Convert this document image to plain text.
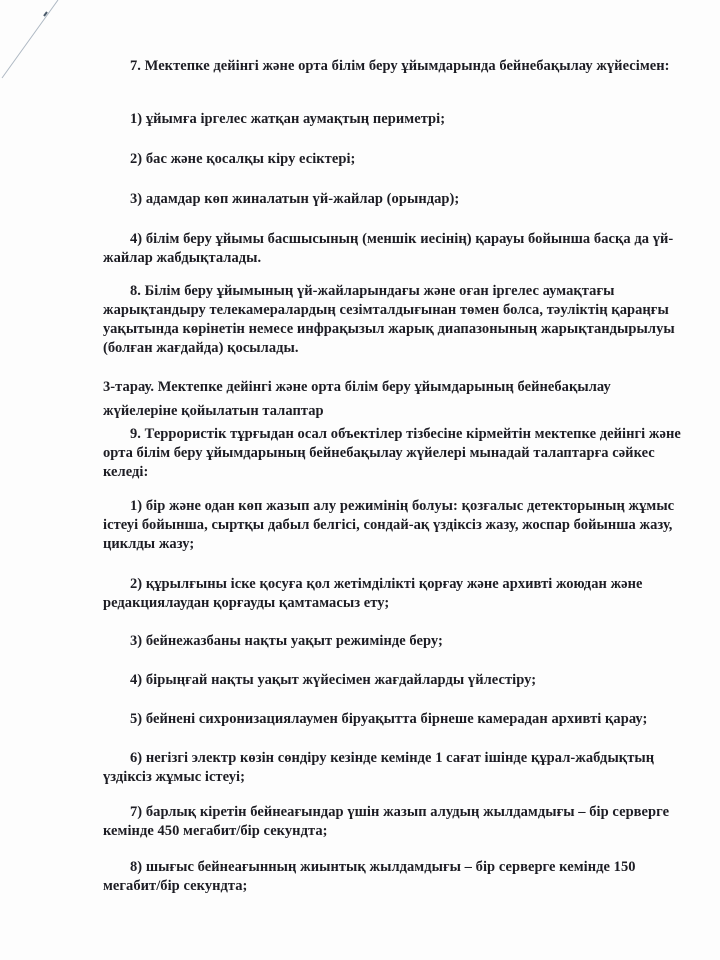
7. Мектепке дейінгі және орта білім беру ұйымдарында бейнебақылау жүйесімен:
1) ұйымға іргелес жатқан аумақтың периметрі;
2) бас және қосалқы кіру есіктері;
3) адамдар көп жиналатын үй-жайлар (орындар);
4) білім беру ұйымы басшысының (меншік иесінің) қарауы бойынша басқа да үй-жайлар жабдықталады.
8. Білім беру ұйымының үй-жайларындағы және оған іргелес аумақтағы жарықтандыру телекамералардың сезімталдығынан төмен болса, тәуліктің қараңғы уақытында көрінетін немесе инфрақызыл жарық диапазонының жарықтандырылуы (болған жағдайда) қосылады.
3-тарау. Мектепке дейінгі және орта білім беру ұйымдарының бейнебақылау
жүйелеріне қойылатын талаптар
9. Террористік тұрғыдан осал объектілер тізбесіне кірмейтін мектепке дейінгі және орта білім беру ұйымдарының бейнебақылау жүйелері мынадай талаптарға сәйкес келеді:
1) бір және одан көп жазып алу режимінің болуы: қозғалыс детекторының жұмыс істеуі бойынша, сыртқы дабыл белгісі, сондай-ақ үздіксіз жазу, жоспар бойынша жазу, циклды жазу;
2) құрылғыны іске қосуға қол жетімділікті қорғау және архивті жоюдан және редакциялаудан қорғауды қамтамасыз ету;
3) бейнежазбаны нақты уақыт режимінде беру;
4) бірыңғай нақты уақыт жүйесімен жағдайларды үйлестіру;
5) бейнені сихронизациялаумен біруақытта бірнеше камерадан архивті қарау;
6) негізгі электр көзін сөндіру кезінде кемінде 1 сағат ішінде құрал-жабдықтың үздіксіз жұмыс істеуі;
7) барлық кіретін бейнеағындар үшін жазып алудың жылдамдығы – бір серверге кемінде 450 мегабит/бір секундта;
8) шығыс бейнеағынның жиынтық жылдамдығы – бір серверге кемінде 150 мегабит/бір секундта;
